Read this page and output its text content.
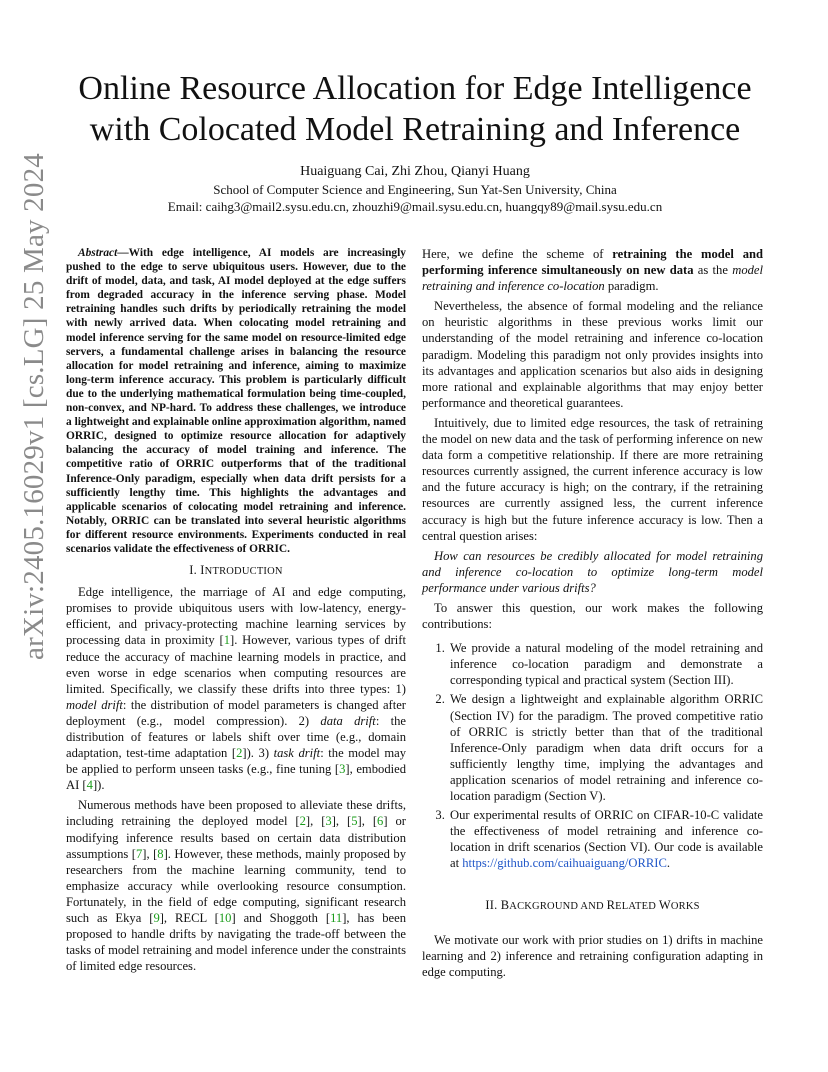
arXiv:2405.16029v1 [cs.LG] 25 May 2024
Online Resource Allocation for Edge Intelligence
with Colocated Model Retraining and Inference
Huaiguang Cai, Zhi Zhou, Qianyi Huang
School of Computer Science and Engineering, Sun Yat-Sen University, China
Email: caihg3@mail2.sysu.edu.cn, zhouzhi9@mail.sysu.edu.cn, huangqy89@mail.sysu.edu.cn

Abstract—With edge intelligence, AI models are increasingly pushed to the edge to serve ubiquitous users. However, due to the drift of model, data, and task, AI model deployed at the edge suffers from degraded accuracy in the inference serving phase. Model retraining handles such drifts by periodically retraining the model with newly arrived data. When colocating model retraining and model inference serving for the same model on resource-limited edge servers, a fundamental challenge arises in balancing the resource allocation for model retraining and inference, aiming to maximize long-term inference accuracy. This problem is particularly difficult due to the underlying mathematical formulation being time-coupled, non-convex, and NP-hard. To address these challenges, we introduce a lightweight and explainable online approximation algorithm, named ORRIC, designed to optimize resource allocation for adaptively balancing the accuracy of model training and inference. The competitive ratio of ORRIC outperforms that of the traditional Inference-Only paradigm, especially when data drift persists for a sufficiently lengthy time. This highlights the advantages and applicable scenarios of colocating model retraining and inference. Notably, ORRIC can be translated into several heuristic algorithms for different resource environments. Experiments conducted in real scenarios validate the effectiveness of ORRIC.

I. INTRODUCTION

Edge intelligence, the marriage of AI and edge computing, promises to provide ubiquitous users with low-latency, energy-efficient, and privacy-protecting machine learning services by processing data in proximity [1]. However, various types of drift reduce the accuracy of machine learning models in practice, and even worse in edge scenarios when computing resources are limited. Specifically, we classify these drifts into three types: 1) model drift: the distribution of model parameters is changed after deployment (e.g., model compression). 2) data drift: the distribution of features or labels shift over time (e.g., domain adaptation, test-time adaptation [2]). 3) task drift: the model may be applied to perform unseen tasks (e.g., fine tuning [3], embodied AI [4]).

Numerous methods have been proposed to alleviate these drifts, including retraining the deployed model [2], [3], [5], [6] or modifying inference results based on certain data distribution assumptions [7], [8]. However, these methods, mainly proposed by researchers from the machine learning community, tend to emphasize accuracy while overlooking resource consumption. Fortunately, in the field of edge computing, significant research such as Ekya [9], RECL [10] and Shoggoth [11], has been proposed to handle drifts by navigating the trade-off between the tasks of model retraining and model inference under the constraints of limited edge resources.

Here, we define the scheme of retraining the model and performing inference simultaneously on new data as the model retraining and inference co-location paradigm.

Nevertheless, the absence of formal modeling and the reliance on heuristic algorithms in these previous works limit our understanding of the model retraining and inference co-location paradigm. Modeling this paradigm not only provides insights into its advantages and application scenarios but also aids in designing more rational and explainable algorithms that may enjoy better performance and theoretical guarantees.

Intuitively, due to limited edge resources, the task of retraining the model on new data and the task of performing inference on new data form a competitive relationship. If there are more retraining resources currently assigned, the current inference accuracy is low and the future accuracy is high; on the contrary, if the retraining resources are currently assigned less, the current inference accuracy is high but the future inference accuracy is low. Then a central question arises:

How can resources be credibly allocated for model retraining and inference co-location to optimize long-term model performance under various drifts?

To answer this question, our work makes the following contributions:

1. We provide a natural modeling of the model retraining and inference co-location paradigm and demonstrate a corresponding typical and practical system (Section III).
2. We design a lightweight and explainable algorithm ORRIC (Section IV) for the paradigm. The proved competitive ratio of ORRIC is strictly better than that of the traditional Inference-Only paradigm when data drift occurs for a sufficiently lengthy time, implying the advantages and application scenarios of model retraining and inference co-location paradigm (Section V).
3. Our experimental results of ORRIC on CIFAR-10-C validate the effectiveness of model retraining and inference co-location in drift scenarios (Section VI). Our code is available at https://github.com/caihuaiguang/ORRIC.
II. BACKGROUND AND RELATED WORKS

We motivate our work with prior studies on 1) drifts in machine learning and 2) inference and retraining configuration adapting in edge computing.
